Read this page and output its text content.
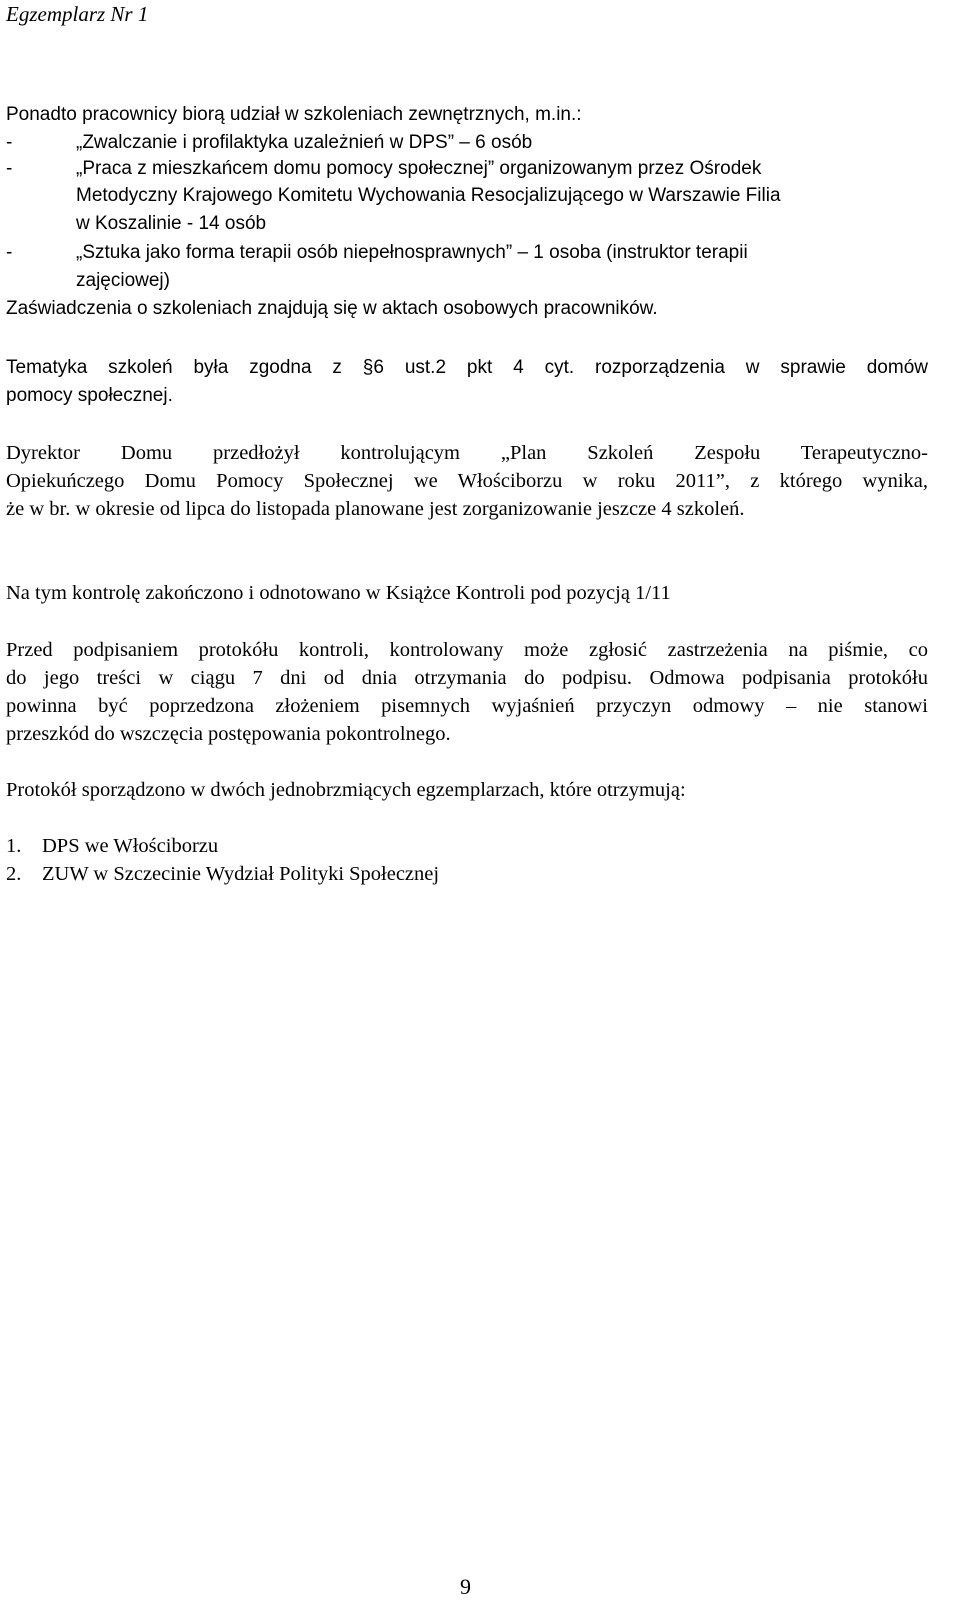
Egzemplarz Nr 1
Ponadto pracownicy biorą udział w szkoleniach zewnętrznych, m.in.:
-	„Zwalczanie i profilaktyka uzależnień w DPS” – 6 osób
-	„Praca z mieszkańcem domu pomocy społecznej” organizowanym przez Ośrodek
Metodyczny Krajowego Komitetu Wychowania Resocjalizującego w Warszawie Filia
w Koszalinie - 14 osób
-	„Sztuka jako forma terapii osób niepełnosprawnych” – 1 osoba (instruktor terapii
zajęciowej)
Zaświadczenia o szkoleniach znajdują się w aktach osobowych pracowników.
Tematyka szkoleń była zgodna z §6 ust.2 pkt 4 cyt. rozporządzenia w sprawie domów
pomocy społecznej.
Dyrektor Domu przedłożył kontrolującym „Plan Szkoleń Zespołu Terapeutyczno-
Opiekuńczego Domu Pomocy Społecznej we Włościborzu w roku 2011”, z którego wynika,
że w br. w okresie od lipca do listopada planowane jest zorganizowanie jeszcze 4 szkoleń.
Na tym kontrolę zakończono i odnotowano w Książce Kontroli pod pozycją 1/11
Przed podpisaniem protokółu kontroli, kontrolowany może zgłosić zastrzeżenia na piśmie, co
do jego treści w ciągu 7 dni od dnia otrzymania do podpisu. Odmowa podpisania protokółu
powinna być poprzedzona złożeniem pisemnych wyjaśnień przyczyn odmowy – nie stanowi
przeszkód do wszczęcia postępowania pokontrolnego.
Protokół sporządzono w dwóch jednobrzmiących egzemplarzach, które otrzymują:
1. DPS we Włościborzu
2. ZUW w Szczecinie Wydział Polityki Społecznej
9
